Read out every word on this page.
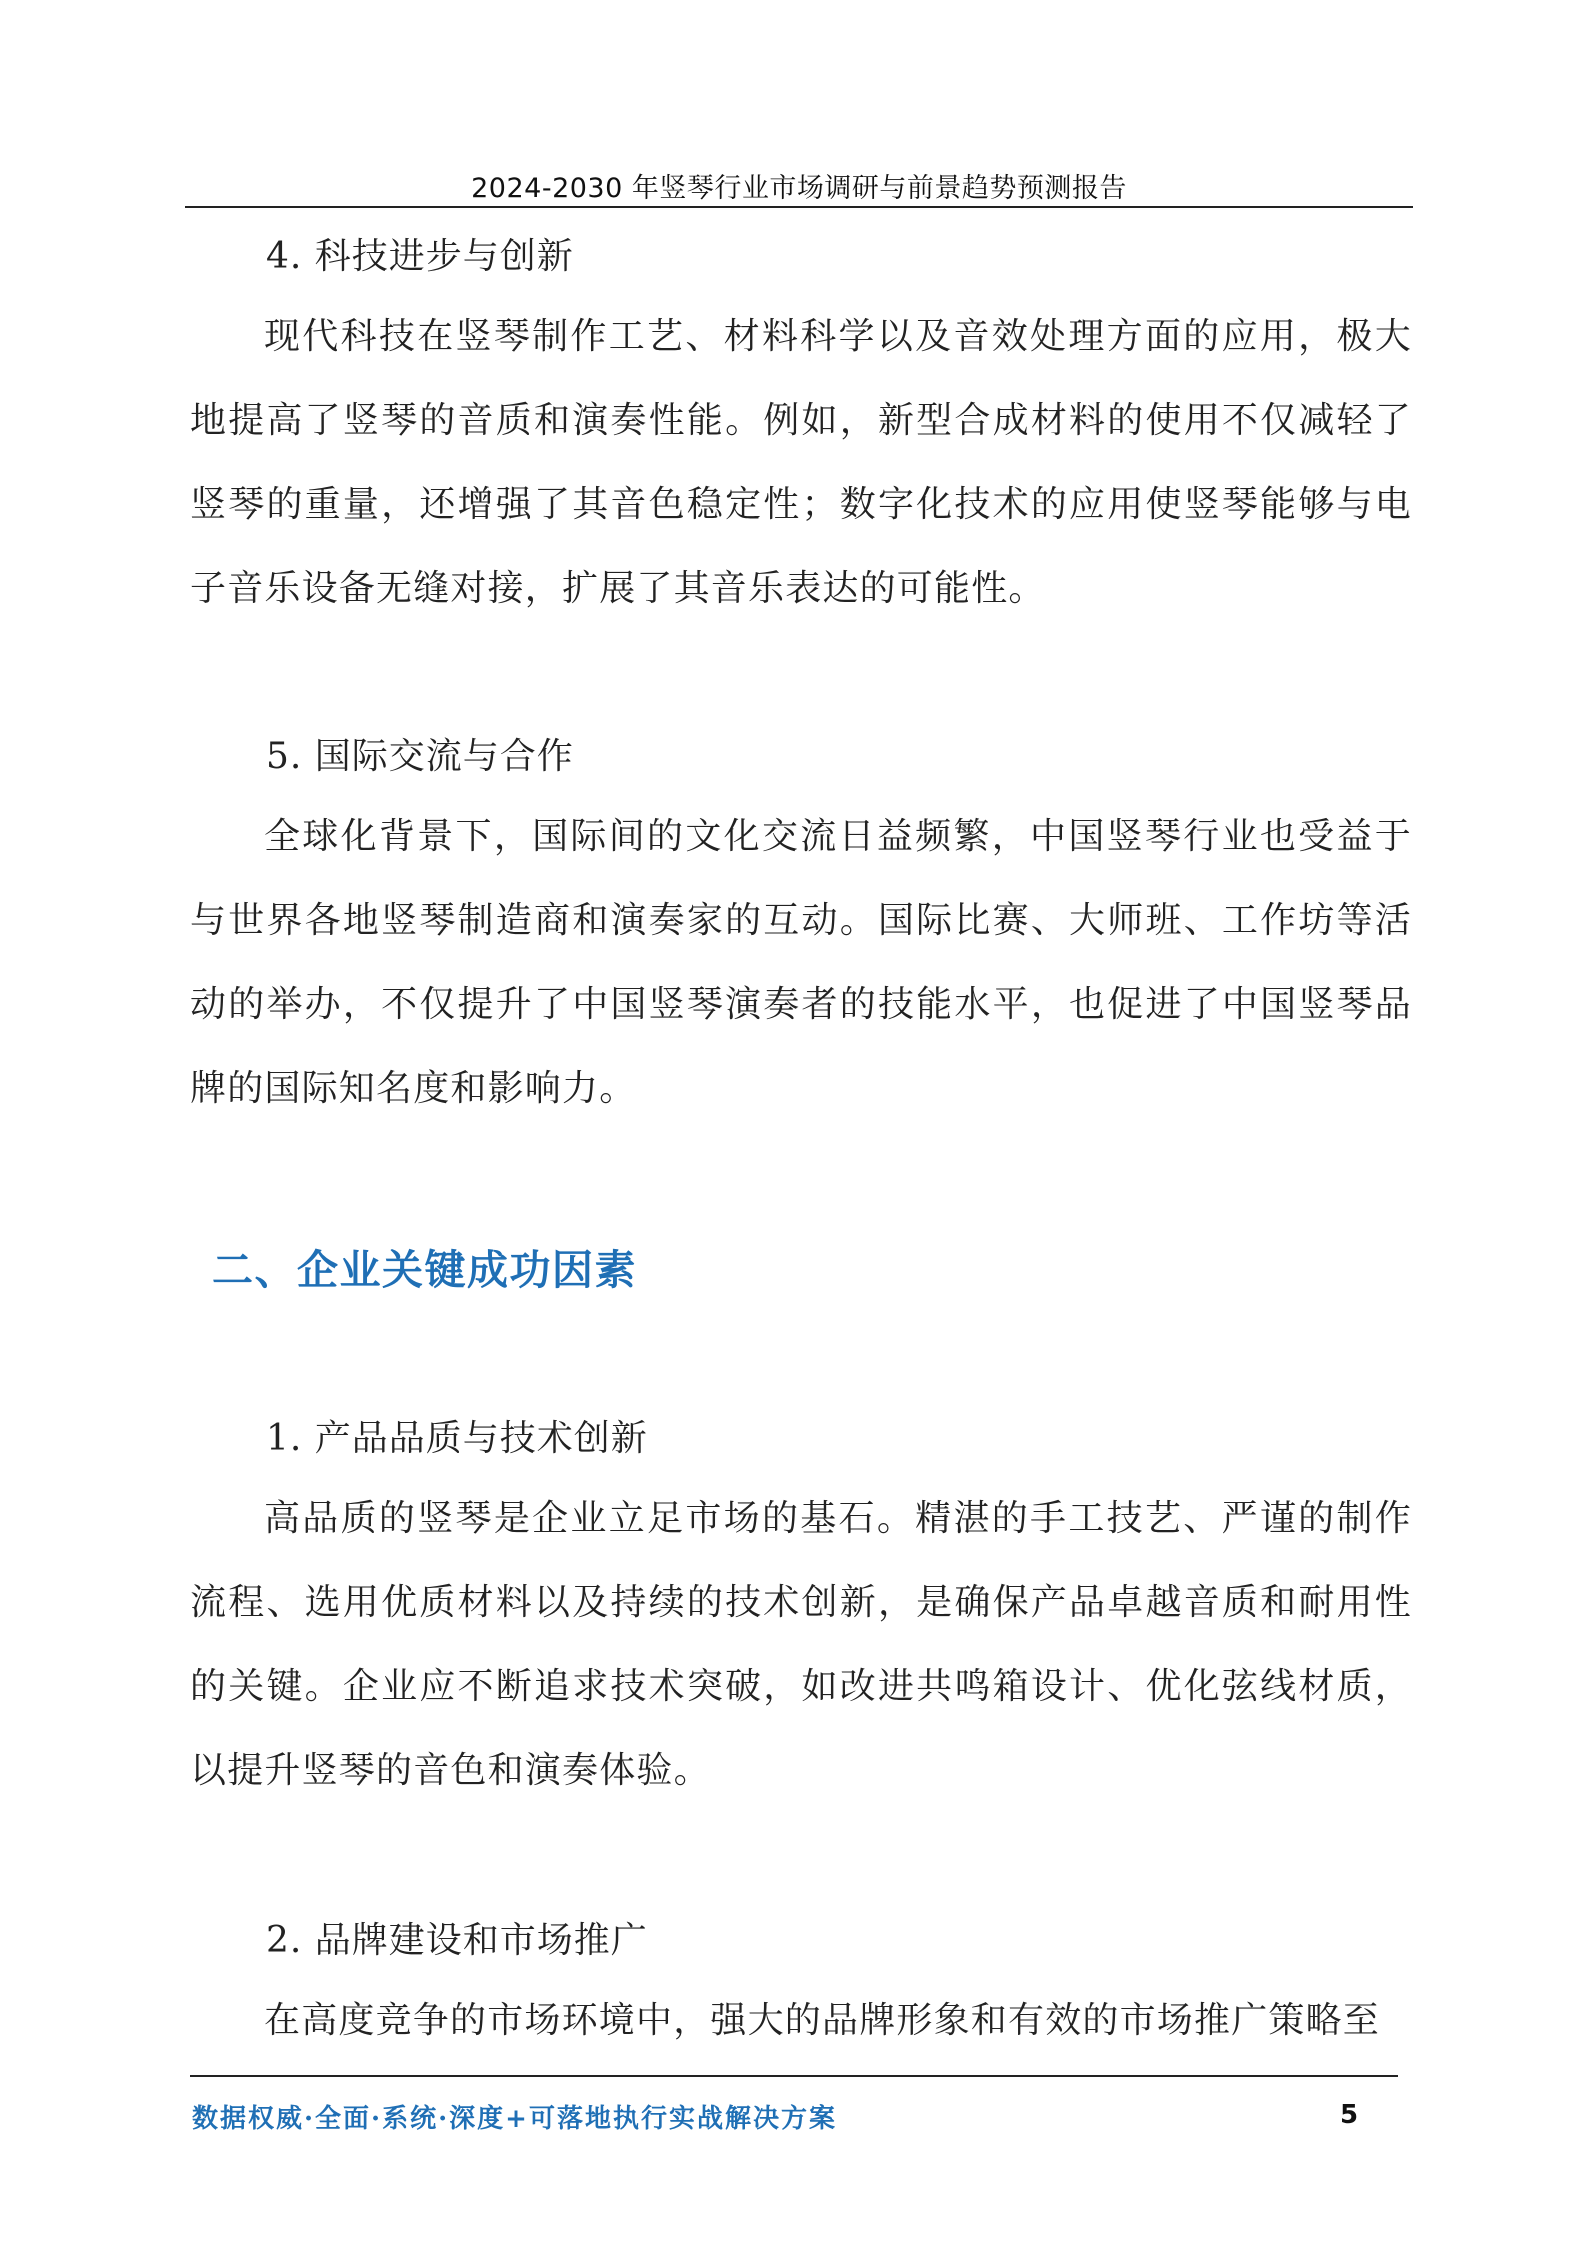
2024-2030 年竖琴行业市场调研与前景趋势预测报告
4. 科技进步与创新
现代科技在竖琴制作工艺、材料科学以及音效处理方面的应用，极大地提高了竖琴的音质和演奏性能。例如，新型合成材料的使用不仅减轻了竖琴的重量，还增强了其音色稳定性；数字化技术的应用使竖琴能够与电子音乐设备无缝对接，扩展了其音乐表达的可能性。
5. 国际交流与合作
全球化背景下，国际间的文化交流日益频繁，中国竖琴行业也受益于与世界各地竖琴制造商和演奏家的互动。国际比赛、大师班、工作坊等活动的举办，不仅提升了中国竖琴演奏者的技能水平，也促进了中国竖琴品牌的国际知名度和影响力。
1. 产品品质与技术创新
高品质的竖琴是企业立足市场的基石。精湛的手工技艺、严谨的制作流程、选用优质材料以及持续的技术创新，是确保产品卓越音质和耐用性的关键。企业应不断追求技术突破，如改进共鸣箱设计、优化弦线材质，以提升竖琴的音色和演奏体验。
2. 品牌建设和市场推广
在高度竞争的市场环境中，强大的品牌形象和有效的市场推广策略至
二、企业关键成功因素
数据权威·全面·系统·深度+可落地执行实战解决方案	5
